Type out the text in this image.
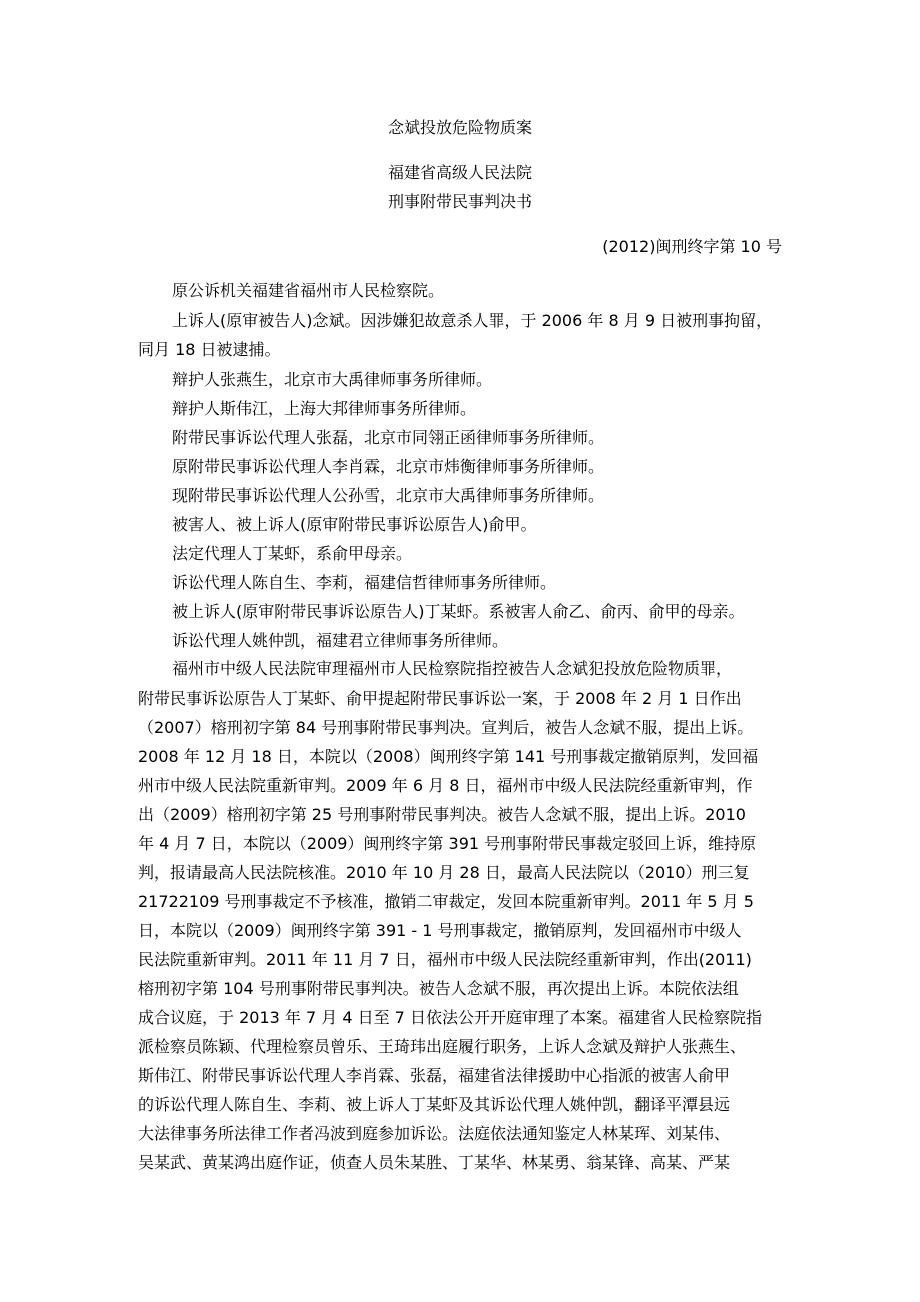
念斌投放危险物质案
福建省高级人民法院
刑事附带民事判决书
(2012)闽刑终字第 10 号
原公诉机关福建省福州市人民检察院。
上诉人(原审被告人)念斌。因涉嫌犯故意杀人罪，于 2006 年 8 月 9 日被刑事拘留，
同月 18 日被逮捕。
辩护人张燕生，北京市大禹律师事务所律师。
辩护人斯伟江，上海大邦律师事务所律师。
附带民事诉讼代理人张磊，北京市同翎正函律师事务所律师。
原附带民事诉讼代理人李肖霖，北京市炜衡律师事务所律师。
现附带民事诉讼代理人公孙雪，北京市大禹律师事务所律师。
被害人、被上诉人(原审附带民事诉讼原告人)俞甲。
法定代理人丁某虾，系俞甲母亲。
诉讼代理人陈自生、李莉，福建信哲律师事务所律师。
被上诉人(原审附带民事诉讼原告人)丁某虾。系被害人俞乙、俞丙、俞甲的母亲。
诉讼代理人姚仲凯，福建君立律师事务所律师。
福州市中级人民法院审理福州市人民检察院指控被告人念斌犯投放危险物质罪，
附带民事诉讼原告人丁某虾、俞甲提起附带民事诉讼一案，于 2008 年 2 月 1 日作出
（2007）榕刑初字第 84 号刑事附带民事判决。宣判后，被告人念斌不服，提出上诉。
2008 年 12 月 18 日，本院以（2008）闽刑终字第 141 号刑事裁定撤销原判，发回福
州市中级人民法院重新审判。2009 年 6 月 8 日，福州市中级人民法院经重新审判，作
出（2009）榕刑初字第 25 号刑事附带民事判决。被告人念斌不服，提出上诉。2010
年 4 月 7 日，本院以（2009）闽刑终字第 391 号刑事附带民事裁定驳回上诉，维持原
判，报请最高人民法院核准。2010 年 10 月 28 日，最高人民法院以（2010）刑三复
21722109 号刑事裁定不予核准，撤销二审裁定，发回本院重新审判。2011 年 5 月 5
日，本院以（2009）闽刑终字第 391 - 1 号刑事裁定，撤销原判，发回福州市中级人
民法院重新审判。2011 年 11 月 7 日，福州市中级人民法院经重新审判，作出(2011)
榕刑初字第 104 号刑事附带民事判决。被告人念斌不服，再次提出上诉。本院依法组
成合议庭，于 2013 年 7 月 4 日至 7 日依法公开开庭审理了本案。福建省人民检察院指
派检察员陈颖、代理检察员曾乐、王琦玮出庭履行职务，上诉人念斌及辩护人张燕生、
斯伟江、附带民事诉讼代理人李肖霖、张磊，福建省法律援助中心指派的被害人俞甲
的诉讼代理人陈自生、李莉、被上诉人丁某虾及其诉讼代理人姚仲凯，翻译平潭县远
大法律事务所法律工作者冯波到庭参加诉讼。法庭依法通知鉴定人林某珲、刘某伟、
吴某武、黄某鸿出庭作证，侦查人员朱某胜、丁某华、林某勇、翁某锋、高某、严某
